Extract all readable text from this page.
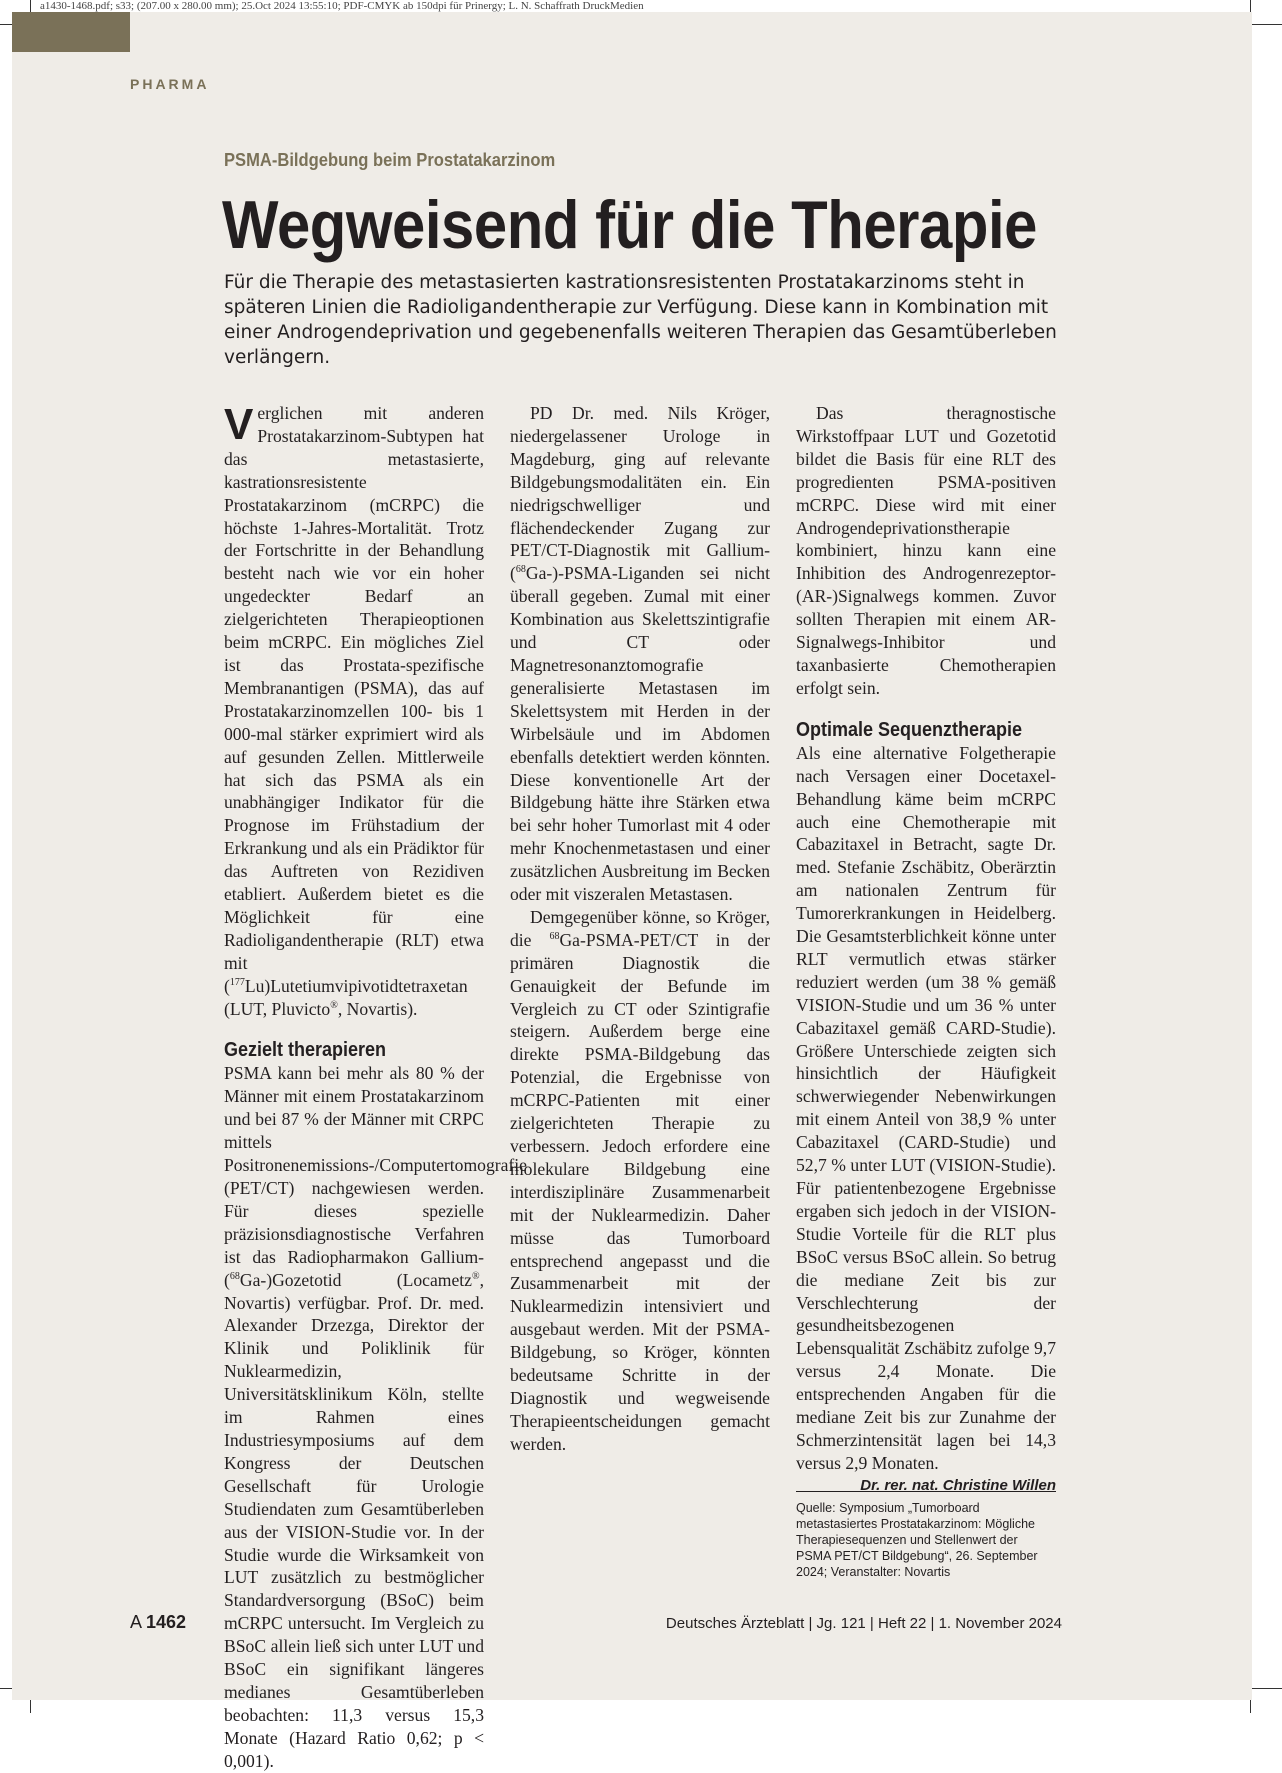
a1430-1468.pdf; s33; (207.00 x 280.00 mm); 25.Oct 2024 13:55:10; PDF-CMYK ab 150dpi für Prinergy; L. N. Schaffrath DruckMedien
PHARMA
PSMA-Bildgebung beim Prostatakarzinom
Wegweisend für die Therapie

Für die Therapie des metastasierten kastrationsresistenten Prostatakarzinoms steht in späteren Linien die Radioligandentherapie zur Verfügung. Diese kann in Kombination mit einer Androgendeprivation und gegebenenfalls weiteren Therapien das Gesamtüberleben verlängern.

Verglichen mit anderen Prostatakarzinom-Subtypen hat das metastasierte, kastrationsresistente Prostatakarzinom (mCRPC) die höchste 1-Jahres-Mortalität. Trotz der Fortschritte in der Behandlung besteht nach wie vor ein hoher ungedeckter Bedarf an zielgerichteten Therapieoptionen beim mCRPC. Ein mögliches Ziel ist das Prostata-spezifische Membranantigen (PSMA), das auf Prostatakarzinomzellen 100- bis 1 000-mal stärker exprimiert wird als auf gesunden Zellen. Mittlerweile hat sich das PSMA als ein unabhängiger Indikator für die Prognose im Frühstadium der Erkrankung und als ein Prädiktor für das Auftreten von Rezidiven etabliert. Außerdem bietet es die Möglichkeit für eine Radioligandentherapie (RLT) etwa mit ($^{177}$Lu)Lutetiumvipivotidtetraxetan (LUT, Pluvicto®, Novartis).

Gezielt therapieren

PSMA kann bei mehr als 80 % der Männer mit einem Prostatakarzinom und bei 87 % der Männer mit CRPC mittels Positronenemissions-/Computertomografie (PET/CT) nachgewiesen werden. Für dieses spezielle präzisionsdiagnostische Verfahren ist das Radiopharmakon Gallium-($^{68}$Ga-)Gozetotid (Locametz®, Novartis) verfügbar. Prof. Dr. med. Alexander Drzezga, Direktor der Klinik und Poliklinik für Nuklearmedizin, Universitätsklinikum Köln, stellte im Rahmen eines Industriesymposiums auf dem Kongress der Deutschen Gesellschaft für Urologie Studiendaten zum Gesamtüberleben aus der VISION-Studie vor. In der Studie wurde die Wirksamkeit von LUT zusätzlich zu bestmöglicher Standardversorgung (BSoC) beim mCRPC untersucht. Im Vergleich zu BSoC allein ließ sich unter LUT und BSoC ein signifikant längeres medianes Gesamtüberleben beobachten: 11,3 versus 15,3 Monate (Hazard Ratio 0,62; p < 0,001).

PD Dr. med. Nils Kröger, niedergelassener Urologe in Magdeburg, ging auf relevante Bildgebungsmodalitäten ein. Ein niedrigschwelliger und flächendeckender Zugang zur PET/CT-Diagnostik mit Gallium-($^{68}$Ga-)-PSMA-Liganden sei nicht überall gegeben. Zumal mit einer Kombination aus Skelettszintigrafie und CT oder Magnetresonanztomografie generalisierte Metastasen im Skelettsystem mit Herden in der Wirbelsäule und im Abdomen ebenfalls detektiert werden könnten. Diese konventionelle Art der Bildgebung hätte ihre Stärken etwa bei sehr hoher Tumorlast mit 4 oder mehr Knochenmetastasen und einer zusätzlichen Ausbreitung im Becken oder mit viszeralen Metastasen.

Demgegenüber könne, so Kröger, die $^{68}$Ga-PSMA-PET/CT in der primären Diagnostik die Genauigkeit der Befunde im Vergleich zu CT oder Szintigrafie steigern. Außerdem berge eine direkte PSMA-Bildgebung das Potenzial, die Ergebnisse von mCRPC-Patienten mit einer zielgerichteten Therapie zu verbessern. Jedoch erfordere eine molekulare Bildgebung eine interdisziplinäre Zusammenarbeit mit der Nuklearmedizin. Daher müsse das Tumorboard entsprechend angepasst und die Zusammenarbeit mit der Nuklearmedizin intensiviert und ausgebaut werden. Mit der PSMA-Bildgebung, so Kröger, könnten bedeutsame Schritte in der Diagnostik und wegweisende Therapieentscheidungen gemacht werden.

Das theragnostische Wirkstoffpaar LUT und Gozetotid bildet die Basis für eine RLT des progredienten PSMA-positiven mCRPC. Diese wird mit einer Androgendeprivationstherapie kombiniert, hinzu kann eine Inhibition des Androgenrezeptor-(AR-)Signalwegs kommen. Zuvor sollten Therapien mit einem AR-Signalwegs-Inhibitor und taxanbasierte Chemotherapien erfolgt sein.

Optimale Sequenztherapie

Als eine alternative Folgetherapie nach Versagen einer Docetaxel-Behandlung käme beim mCRPC auch eine Chemotherapie mit Cabazitaxel in Betracht, sagte Dr. med. Stefanie Zschäbitz, Oberärztin am nationalen Zentrum für Tumorerkrankungen in Heidelberg. Die Gesamtsterblichkeit könne unter RLT vermutlich etwas stärker reduziert werden (um 38 % gemäß VISION-Studie und um 36 % unter Cabazitaxel gemäß CARD-Studie). Größere Unterschiede zeigten sich hinsichtlich der Häufigkeit schwerwiegender Nebenwirkungen mit einem Anteil von 38,9 % unter Cabazitaxel (CARD-Studie) und 52,7 % unter LUT (VISION-Studie). Für patientenbezogene Ergebnisse ergaben sich jedoch in der VISION-Studie Vorteile für die RLT plus BSoC versus BSoC allein. So betrug die mediane Zeit bis zur Verschlechterung der gesundheitsbezogenen Lebensqualität Zschäbitz zufolge 9,7 versus 2,4 Monate. Die entsprechenden Angaben für die mediane Zeit bis zur Zunahme der Schmerzintensität lagen bei 14,3 versus 2,9 Monaten.
Dr. rer. nat. Christine Willen

Quelle: Symposium „Tumorboard metastasiertes Prostatakarzinom: Mögliche Therapiesequenzen und Stellenwert der PSMA PET/CT Bildgebung“, 26. September 2024; Veranstalter: Novartis
A 1462	Deutsches Ärzteblatt | Jg. 121 | Heft 22 | 1. November 2024
